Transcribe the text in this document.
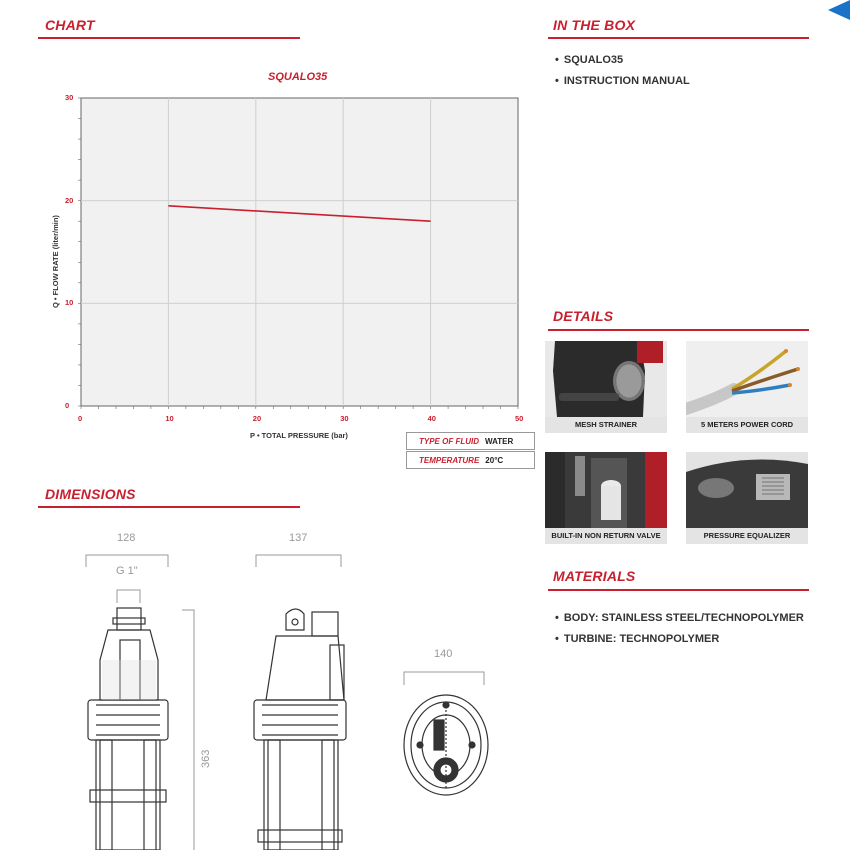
CHART	IN THE BOX
• SQUALO35
• INSTRUCTION MANUAL
SQUALO35
0	10	20	30	40	50
0
10
20
30
P • TOTAL PRESSURE (bar)
Q • FLOW RATE (liter/min)
TYPE OF FLUID WATER
TEMPERATURE 20°C
DETAILS
MESH STRAINER	5 METERS POWER CORD
BUILT-IN NON RETURN VALVE	PRESSURE EQUALIZER
MATERIALS
• BODY: STAINLESS STEEL/TECHNOPOLYMER
• TURBINE: TECHNOPOLYMER
DIMENSIONS
128
G 1"
137
140
363
